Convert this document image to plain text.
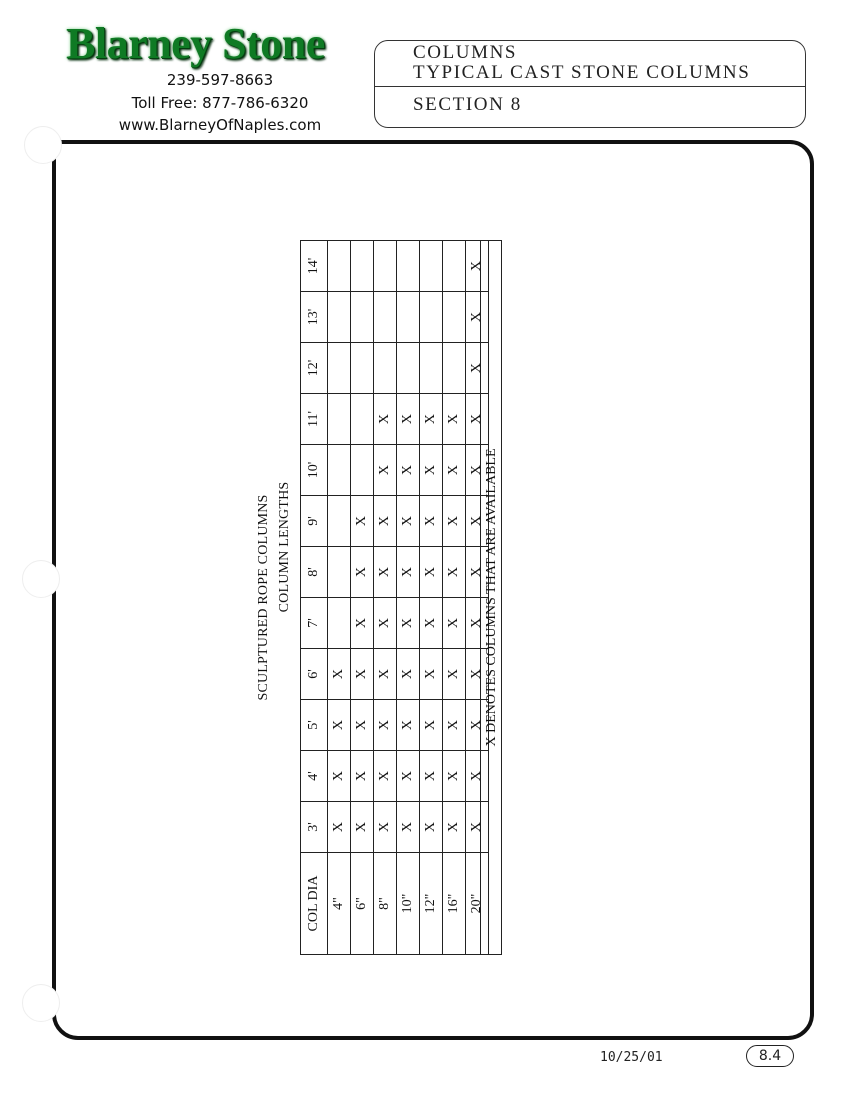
Blarney Stone
239-597-8663
Toll Free: 877-786-6320
www.BlarneyOfNaples.com
COLUMNS
TYPICAL CAST STONE COLUMNS
SECTION 8
SCULPTURED ROPE COLUMNS

COL DIA	3'	4'	5'	6'	7'	8'	9'	10'	11'	12'	13'	14'
4"	X	X	X	X								
6"	X	X	X	X	X	X	X					
8"	X	X	X	X	X	X	X	X	X			
10"	X	X	X	X	X	X	X	X	X			
12"	X	X	X	X	X	X	X	X	X			
16"	X	X	X	X	X	X	X	X	X			
20"	X	X	X	X	X	X	X	X	X	X	X	X
COLUMN LENGTHS	X DENOTES COLUMNS THAT ARE AVAILABLE
10/25/01	8.4
